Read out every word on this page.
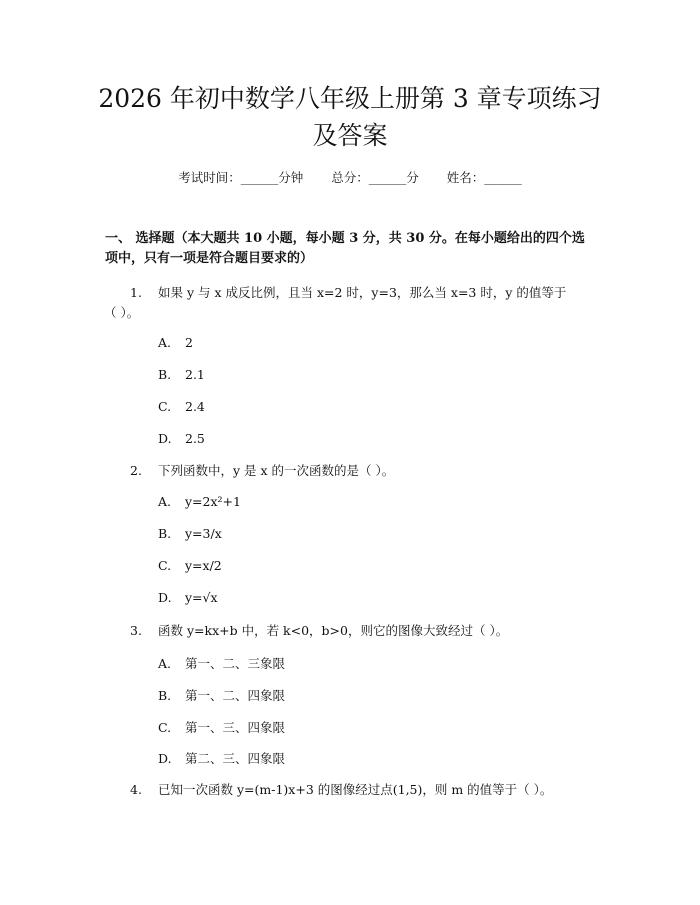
2026 年初中数学八年级上册第 3 章专项练习
及答案
考试时间：______分钟 总分：______分 姓名：______
一、 选择题（本大题共 10 小题，每小题 3 分，共 30 分。在每小题给出的四个选
项中，只有一项是符合题目要求的）
1.	如果 y 与 x 成反比例，且当 x=2 时，y=3，那么当 x=3 时，y 的值等于
（ ）。
A. 2
B. 2.1
C. 2.4
D. 2.5
2.	下列函数中，y 是 x 的一次函数的是（ ）。
A. y=2x²+1
B. y=3/x
C. y=x/2
D. y=√x
3.	函数 y=kx+b 中，若 k<0，b>0，则它的图像大致经过（ ）。
A. 第一、二、三象限
B. 第一、二、四象限
C. 第一、三、四象限
D. 第二、三、四象限
4.	已知一次函数 y=(m-1)x+3 的图像经过点(1,5)，则 m 的值等于（ ）。
